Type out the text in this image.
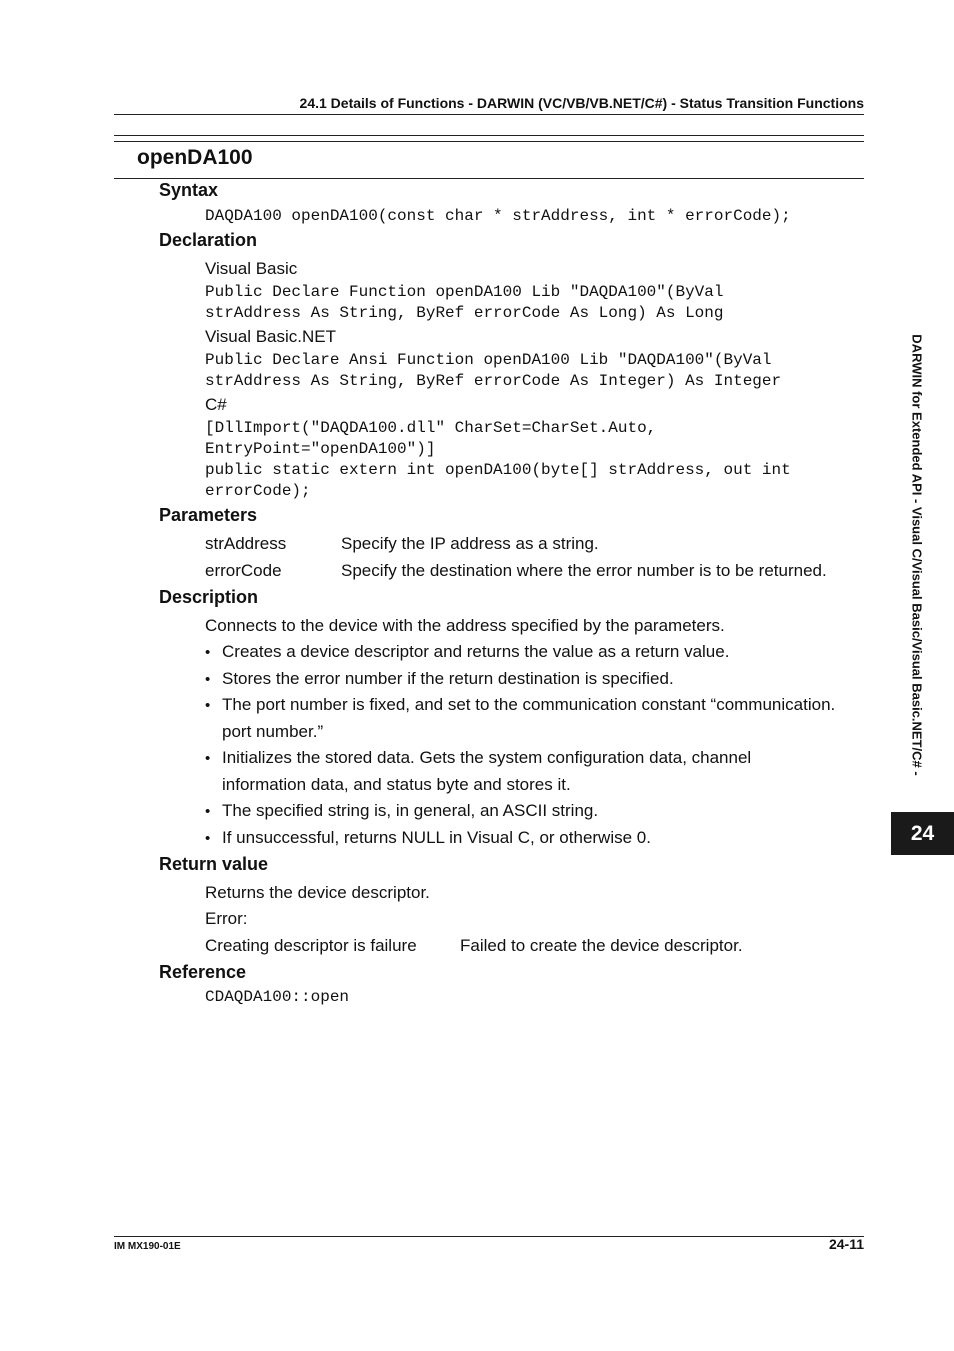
24.1 Details of Functions - DARWIN (VC/VB/VB.NET/C#) - Status Transition Functions
openDA100
Syntax
DAQDA100 openDA100(const char * strAddress, int * errorCode);
Declaration
Visual Basic
Public Declare Function openDA100 Lib "DAQDA100"(ByVal
strAddress As String, ByRef errorCode As Long) As Long
Visual Basic.NET
Public Declare Ansi Function openDA100 Lib "DAQDA100"(ByVal
strAddress As String, ByRef errorCode As Integer) As Integer
C#
[DllImport("DAQDA100.dll" CharSet=CharSet.Auto,
EntryPoint="openDA100")]
public static extern int openDA100(byte[] strAddress, out int
errorCode);
Parameters
strAddress	Specify the IP address as a string.
errorCode	Specify the destination where the error number is to be returned.
Description
Connects to the device with the address specified by the parameters.
• Creates a device descriptor and returns the value as a return value.
• Stores the error number if the return destination is specified.
• The port number is fixed, and set to the communication constant “communication.
port number.”
• Initializes the stored data. Gets the system configuration data, channel
information data, and status byte and stores it.
• The specified string is, in general, an ASCII string.
• If unsuccessful, returns NULL in Visual C, or otherwise 0.
Return value
Returns the device descriptor.
Error:
Creating descriptor is failure	Failed to create the device descriptor.
Reference
CDAQDA100::open
DARWIN for Extended API - Visual C/Visual Basic/Visual Basic.NET/C# -
24
IM MX190-01E	24-11
